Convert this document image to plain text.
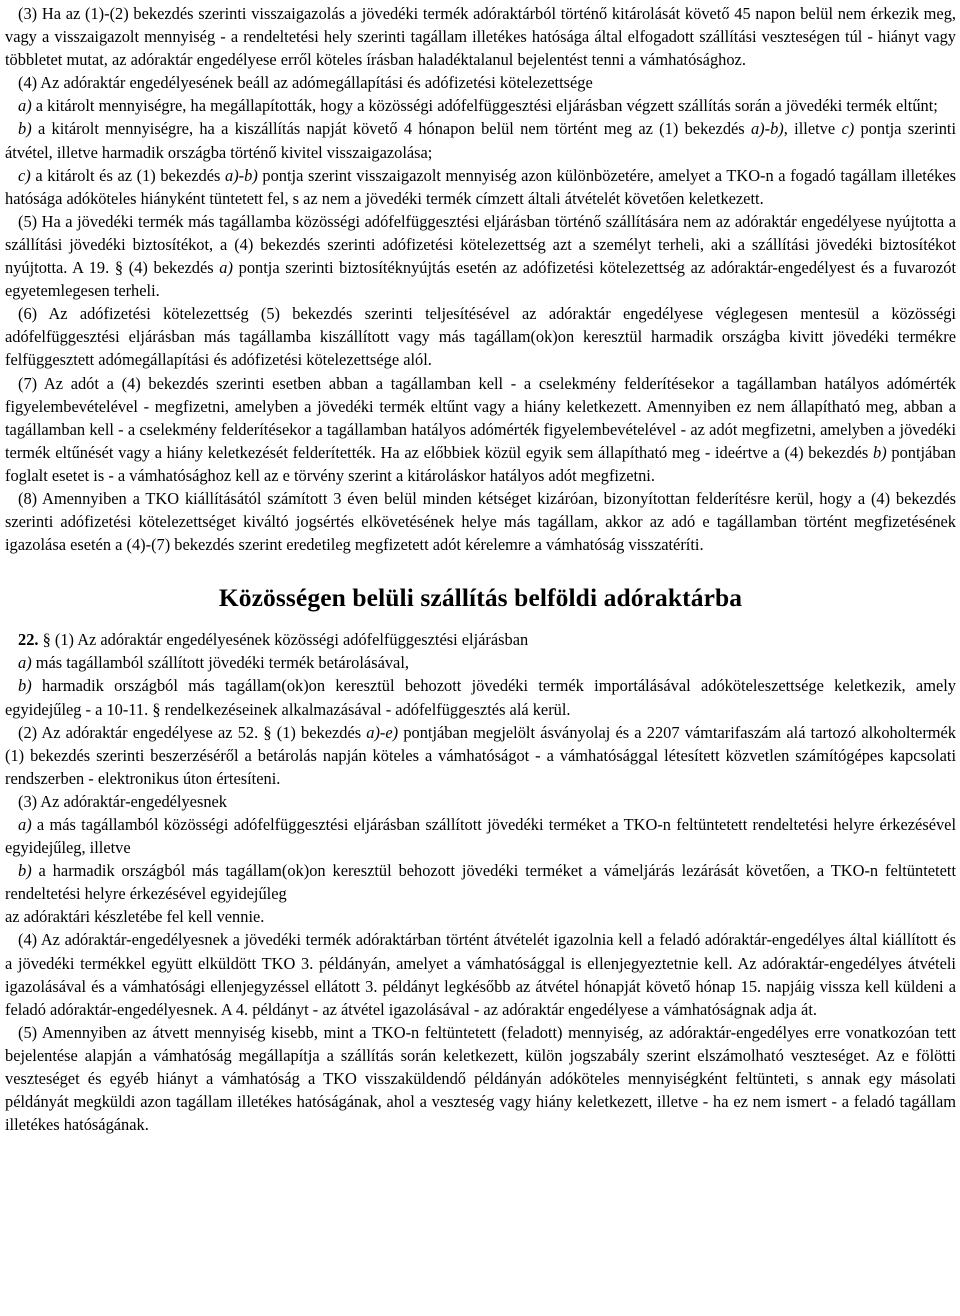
(3) Ha az (1)-(2) bekezdés szerinti visszaigazolás a jövedéki termék adóraktárból történő kitárolását követő 45 napon belül nem érkezik meg, vagy a visszaigazolt mennyiség - a rendeltetési hely szerinti tagállam illetékes hatósága által elfogadott szállítási veszteségen túl - hiányt vagy többletet mutat, az adóraktár engedélyese erről köteles írásban haladéktalanul bejelentést tenni a vámhatósághoz.

(4) Az adóraktár engedélyesének beáll az adómegállapítási és adófizetési kötelezettsége

a) a kitárolt mennyiségre, ha megállapították, hogy a közösségi adófelfüggesztési eljárásban végzett szállítás során a jövedéki termék eltűnt;

b) a kitárolt mennyiségre, ha a kiszállítás napját követő 4 hónapon belül nem történt meg az (1) bekezdés a)-b), illetve c) pontja szerinti átvétel, illetve harmadik országba történő kivitel visszaigazolása;

c) a kitárolt és az (1) bekezdés a)-b) pontja szerint visszaigazolt mennyiség azon különbözetére, amelyet a TKO-n a fogadó tagállam illetékes hatósága adóköteles hiányként tüntetett fel, s az nem a jövedéki termék címzett általi átvételét követően keletkezett.

(5) Ha a jövedéki termék más tagállamba közösségi adófelfüggesztési eljárásban történő szállítására nem az adóraktár engedélyese nyújtotta a szállítási jövedéki biztosítékot, a (4) bekezdés szerinti adófizetési kötelezettség azt a személyt terheli, aki a szállítási jövedéki biztosítékot nyújtotta. A 19. § (4) bekezdés a) pontja szerinti biztosítéknyújtás esetén az adófizetési kötelezettség az adóraktár-engedélyest és a fuvarozót egyetemlegesen terheli.

(6) Az adófizetési kötelezettség (5) bekezdés szerinti teljesítésével az adóraktár engedélyese véglegesen mentesül a közösségi adófelfüggesztési eljárásban más tagállamba kiszállított vagy más tagállam(ok)on keresztül harmadik országba kivitt jövedéki termékre felfüggesztett adómegállapítási és adófizetési kötelezettsége alól.

(7) Az adót a (4) bekezdés szerinti esetben abban a tagállamban kell - a cselekmény felderítésekor a tagállamban hatályos adómérték figyelembevételével - megfizetni, amelyben a jövedéki termék eltűnt vagy a hiány keletkezett. Amennyiben ez nem állapítható meg, abban a tagállamban kell - a cselekmény felderítésekor a tagállamban hatályos adómérték figyelembevételével - az adót megfizetni, amelyben a jövedéki termék eltűnését vagy a hiány keletkezését felderítették. Ha az előbbiek közül egyik sem állapítható meg - ideértve a (4) bekezdés b) pontjában foglalt esetet is - a vámhatósághoz kell az e törvény szerint a kitároláskor hatályos adót megfizetni.

(8) Amennyiben a TKO kiállításától számított 3 éven belül minden kétséget kizáróan, bizonyítottan felderítésre kerül, hogy a (4) bekezdés szerinti adófizetési kötelezettséget kiváltó jogsértés elkövetésének helye más tagállam, akkor az adó e tagállamban történt megfizetésének igazolása esetén a (4)-(7) bekezdés szerint eredetileg megfizetett adót kérelemre a vámhatóság visszatéríti.

Közösségen belüli szállítás belföldi adóraktárba

22. § (1) Az adóraktár engedélyesének közösségi adófelfüggesztési eljárásban

a) más tagállamból szállított jövedéki termék betárolásával,

b) harmadik országból más tagállam(ok)on keresztül behozott jövedéki termék importálásával adóköteleszettsége keletkezik, amely egyidejűleg - a 10-11. § rendelkezéseinek alkalmazásával - adófelfüggesztés alá kerül.

(2) Az adóraktár engedélyese az 52. § (1) bekezdés a)-e) pontjában megjelölt ásványolaj és a 2207 vámtarifaszám alá tartozó alkoholtermék (1) bekezdés szerinti beszerzéséről a betárolás napján köteles a vámhatóságot - a vámhatósággal létesített közvetlen számítógépes kapcsolati rendszerben - elektronikus úton értesíteni.

(3) Az adóraktár-engedélyesnek

a) a más tagállamból közösségi adófelfüggesztési eljárásban szállított jövedéki terméket a TKO-n feltüntetett rendeltetési helyre érkezésével egyidejűleg, illetve

b) a harmadik országból más tagállam(ok)on keresztül behozott jövedéki terméket a vámeljárás lezárását követően, a TKO-n feltüntetett rendeltetési helyre érkezésével egyidejűleg

az adóraktári készletébe fel kell vennie.

(4) Az adóraktár-engedélyesnek a jövedéki termék adóraktárban történt átvételét igazolnia kell a feladó adóraktár-engedélyes által kiállított és a jövedéki termékkel együtt elküldött TKO 3. példányán, amelyet a vámhatósággal is ellenjegyeztetnie kell. Az adóraktár-engedélyes átvételi igazolásával és a vámhatósági ellenjegyzéssel ellátott 3. példányt legkésőbb az átvétel hónapját követő hónap 15. napjáig vissza kell küldeni a feladó adóraktár-engedélyesnek. A 4. példányt - az átvétel igazolásával - az adóraktár engedélyese a vámhatóságnak adja át.

(5) Amennyiben az átvett mennyiség kisebb, mint a TKO-n feltüntetett (feladott) mennyiség, az adóraktár-engedélyes erre vonatkozóan tett bejelentése alapján a vámhatóság megállapítja a szállítás során keletkezett, külön jogszabály szerint elszámolható veszteséget. Az e fölötti veszteséget és egyéb hiányt a vámhatóság a TKO visszaküldendő példányán adóköteles mennyiségként feltünteti, s annak egy másolati példányát megküldi azon tagállam illetékes hatóságának, ahol a veszteség vagy hiány keletkezett, illetve - ha ez nem ismert - a feladó tagállam illetékes hatóságának.
